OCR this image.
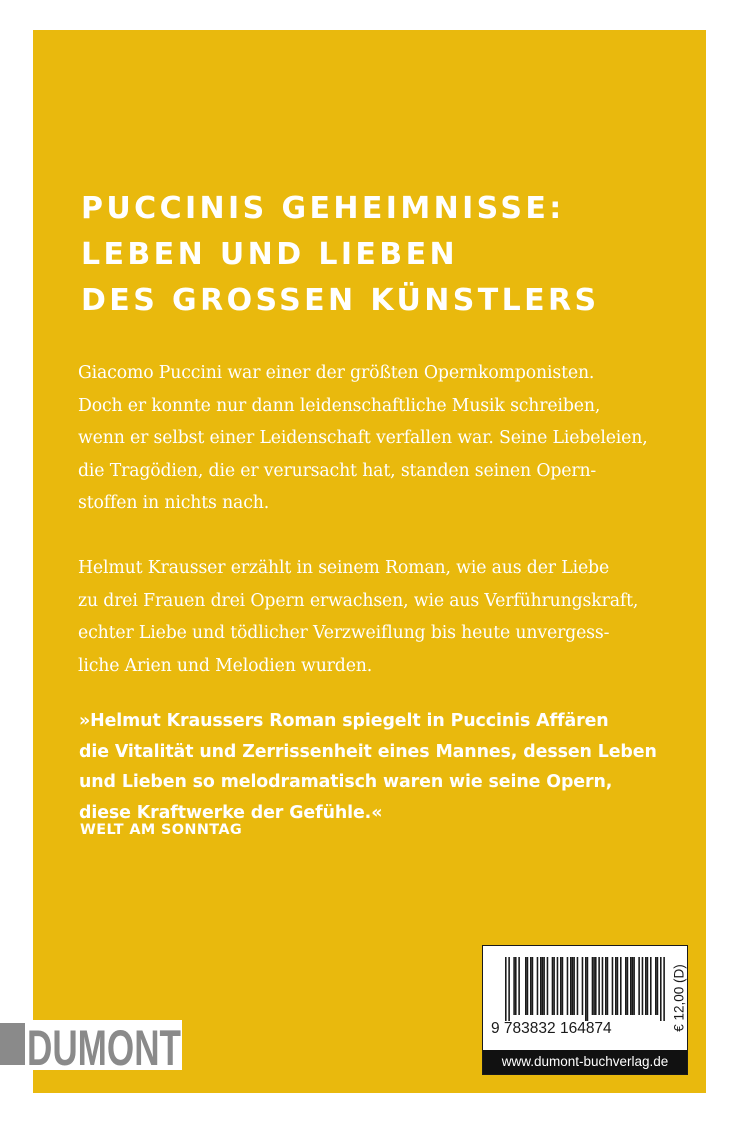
PUCCINIS GEHEIMNISSE:
LEBEN UND LIEBEN
DES GROSSEN KÜNSTLERS

Giacomo Puccini war einer der größten Opernkomponisten.
Doch er konnte nur dann leidenschaftliche Musik schreiben,
wenn er selbst einer Leidenschaft verfallen war. Seine Liebeleien,
die Tragödien, die er verursacht hat, standen seinen Opern-
stoffen in nichts nach.

Helmut Krausser erzählt in seinem Roman, wie aus der Liebe
zu drei Frauen drei Opern erwachsen, wie aus Verführungskraft,
echter Liebe und tödlicher Verzweiflung bis heute unvergess-
liche Arien und Melodien wurden.

»Helmut Kraussers Roman spiegelt in Puccinis Affären
die Vitalität und Zerrissenheit eines Mannes, dessen Leben
und Lieben so melodramatisch waren wie seine Opern,
diese Kraftwerke der Gefühle.«

WELT AM SONNTAG

DUMONT	9 783832 164874	€ 12,00 (D)
www.dumont-buchverlag.de
